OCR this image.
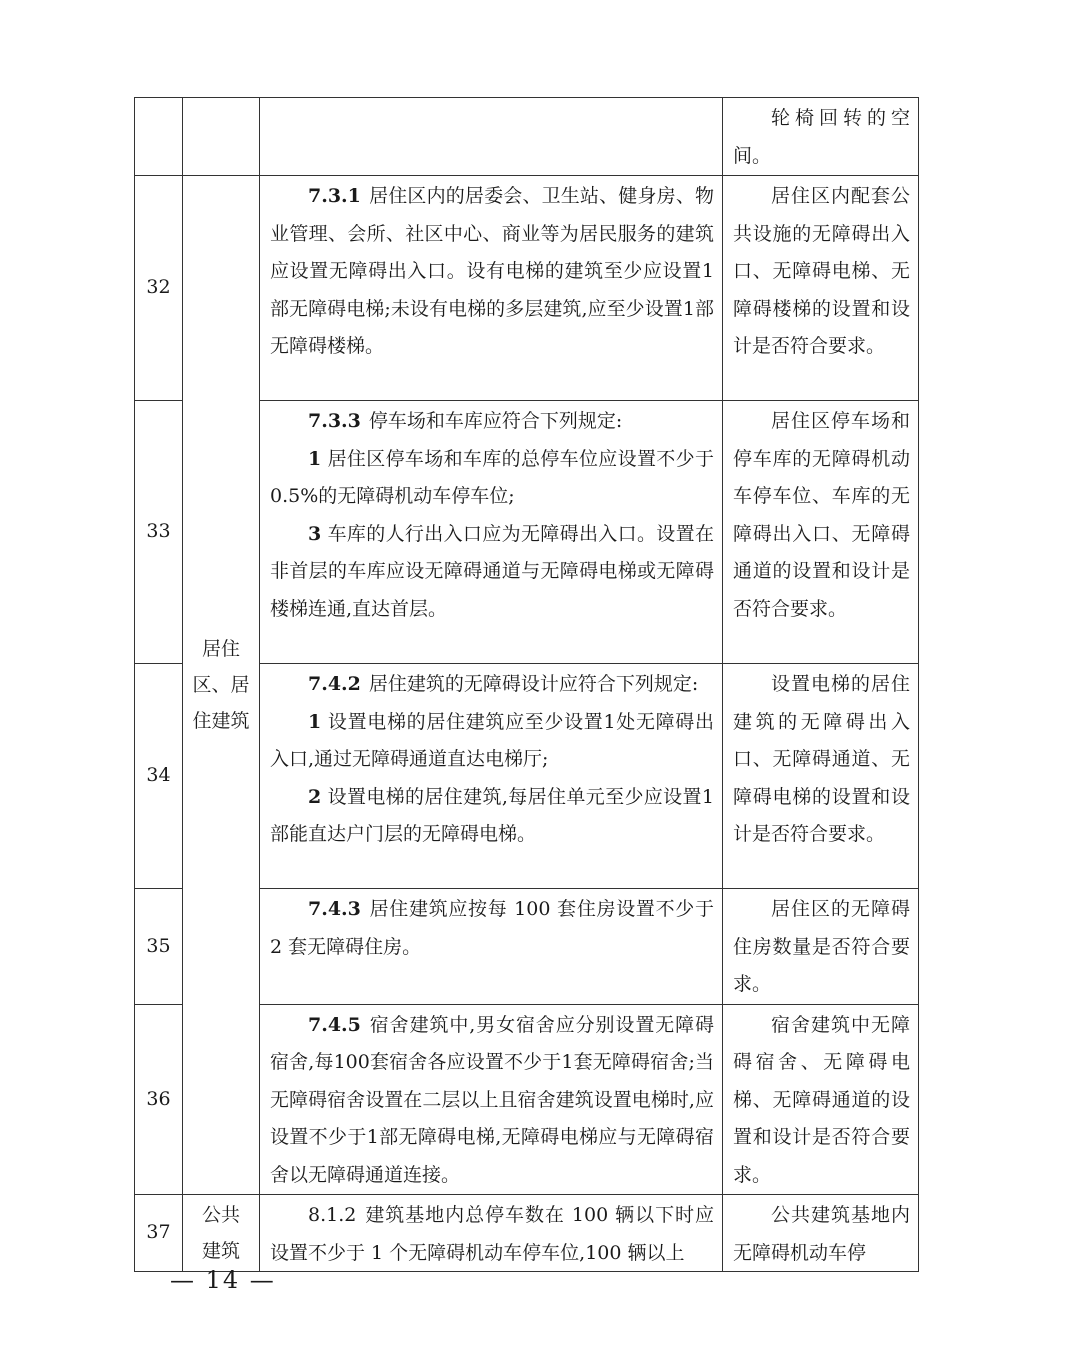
			轮椅回转的空间。

32	居住区、居住建筑	7.3.1 居住区内的居委会、卫生站、健身房、物业管理、会所、社区中心、商业等为居民服务的建筑应设置无障碍出入口。设有电梯的建筑至少应设置1部无障碍电梯;未设有电梯的多层建筑,应至少设置1部无障碍楼梯。	居住区内配套公共设施的无障碍出入口、无障碍电梯、无障碍楼梯的设置和设计是否符合要求。

33		7.3.3 停车场和车库应符合下列规定:
1 居住区停车场和车库的总停车位应设置不少于0.5%的无障碍机动车停车位;
3 车库的人行出入口应为无障碍出入口。设置在非首层的车库应设无障碍通道与无障碍电梯或无障碍楼梯连通,直达首层。	居住区停车场和停车库的无障碍机动车停车位、车库的无障碍出入口、无障碍通道的设置和设计是否符合要求。

34		7.4.2 居住建筑的无障碍设计应符合下列规定:
1 设置电梯的居住建筑应至少设置1处无障碍出入口,通过无障碍通道直达电梯厅;
2 设置电梯的居住建筑,每居住单元至少应设置1部能直达户门层的无障碍电梯。	设置电梯的居住建筑的无障碍出入口、无障碍通道、无障碍电梯的设置和设计是否符合要求。

35		7.4.3 居住建筑应按每 100 套住房设置不少于 2 套无障碍住房。	居住区的无障碍住房数量是否符合要求。

36		7.4.5 宿舍建筑中,男女宿舍应分别设置无障碍宿舍,每100套宿舍各应设置不少于1套无障碍宿舍;当无障碍宿舍设置在二层以上且宿舍建筑设置电梯时,应设置不少于1部无障碍电梯,无障碍电梯应与无障碍宿舍以无障碍通道连接。	宿舍建筑中无障碍宿舍、无障碍电梯、无障碍通道的设置和设计是否符合要求。

37	公共建筑	8.1.2 建筑基地内总停车数在 100 辆以下时应设置不少于 1 个无障碍机动车停车位,100 辆以上	公共建筑基地内无障碍机动车停
— 14 —
